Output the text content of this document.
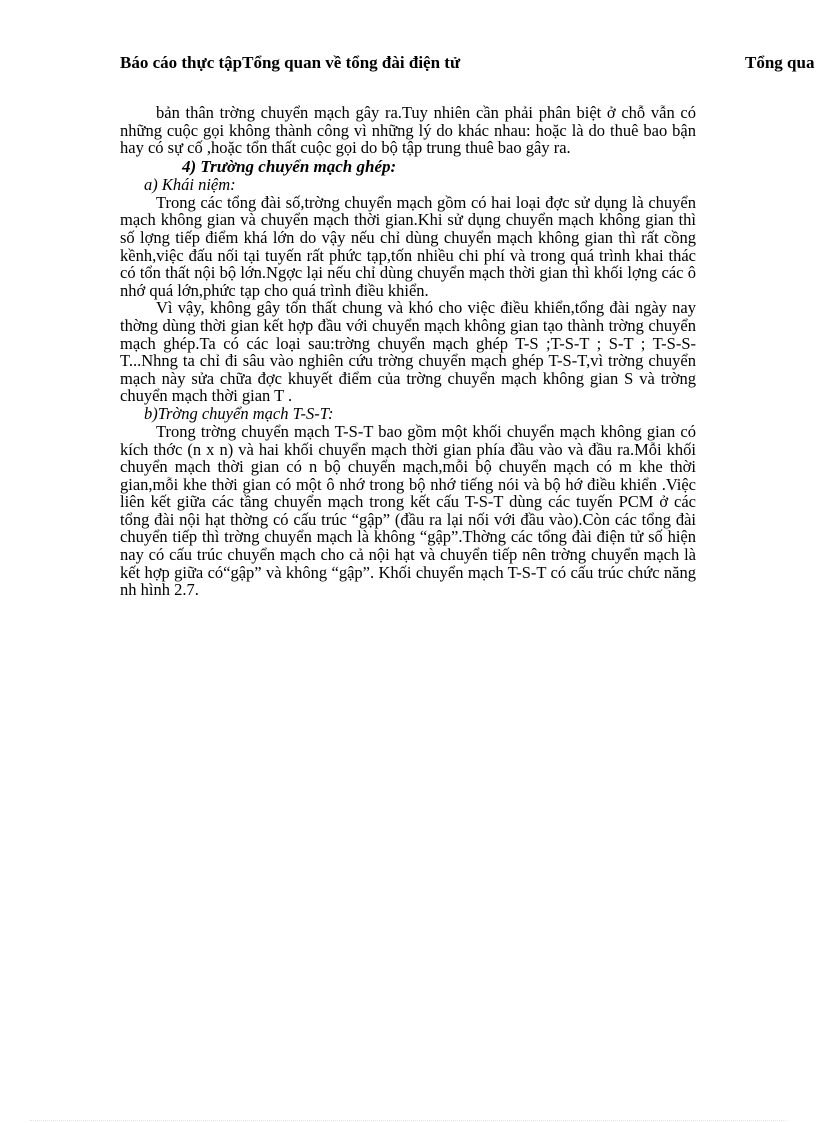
Báo cáo thực tậpTổng quan về tổng đài điện tử	Tổng qua

bản thân trờng chuyển mạch gây ra.Tuy nhiên cần phải phân biệt ở chỗ vẫn có những cuộc gọi không thành công vì những lý do khác nhau: hoặc là do thuê bao bận hay có sự cố ,hoặc tổn thất cuộc gọi do bộ tập trung thuê bao gây ra.

4) Trường chuyển mạch ghép:

a) Khái niệm:

Trong các tổng đài số,trờng chuyển mạch gồm có hai loại đợc sử dụng là chuyển mạch không gian và chuyển mạch thời gian.Khi sử dụng chuyển mạch không gian thì số lợng tiếp điểm khá lớn do vậy nếu chỉ dùng chuyển mạch không gian thì rất cồng kềnh,việc đấu nối tại tuyến rất phức tạp,tốn nhiều chi phí và trong quá trình khai thác có tổn thất nội bộ lớn.Ngợc lại nếu chỉ dùng chuyển mạch thời gian thì khối lợng các ô nhớ quá lớn,phức tạp cho quá trình điều khiển.

Vì vậy, không gây tổn thất chung và khó cho việc điều khiển,tổng đài ngày nay thờng dùng thời gian kết hợp đầu với chuyển mạch không gian tạo thành trờng chuyển mạch ghép.Ta có các loại sau:trờng chuyển mạch ghép T-S ;T-S-T ; S-T ; T-S-S-T...Nhng ta chỉ đi sâu vào nghiên cứu trờng chuyển mạch ghép T-S-T,vì trờng chuyển mạch này sửa chữa đợc khuyết điểm của trờng chuyển mạch không gian S và trờng chuyển mạch thời gian T .

b)Trờng chuyển mạch T-S-T:

Trong trờng chuyển mạch T-S-T bao gồm một khối chuyển mạch không gian có kích thớc (n x n) và hai khối chuyển mạch thời gian phía đầu vào và đầu ra.Mỗi khối chuyển mạch thời gian có n bộ chuyển mạch,mỗi bộ chuyển mạch có m khe thời gian,mỗi khe thời gian có một ô nhớ trong bộ nhớ tiếng nói và bộ hớ điều khiển .Việc liên kết giữa các tầng chuyển mạch trong kết cấu T-S-T dùng các tuyến PCM ở các tổng đài nội hạt thờng có cấu trúc “gập” (đầu ra lại nối với đầu vào).Còn các tổng đài chuyển tiếp thì trờng chuyển mạch là không “gập”.Thờng các tổng đài điện tử số hiện nay có cấu trúc chuyển mạch cho cả nội hạt và chuyển tiếp nên trờng chuyển mạch là kết hợp giữa có“gập” và không “gập”. Khối chuyển mạch T-S-T có cấu trúc chức năng nh hình 2.7.
